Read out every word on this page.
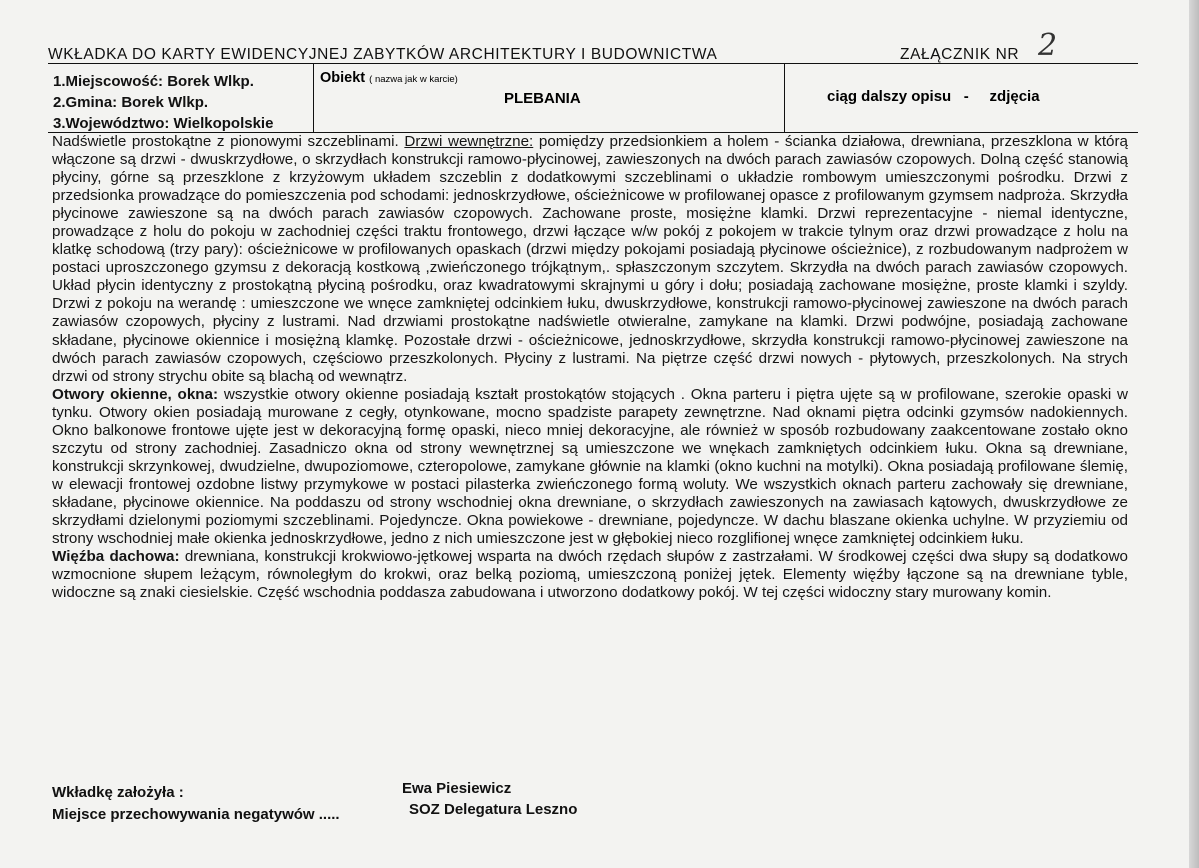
WKŁADKA DO KARTY EWIDENCYJNEJ ZABYTKÓW ARCHITEKTURY I BUDOWNICTWA	ZAŁĄCZNIK NR 2
1.Miejscowość: Borek Wlkp.
2.Gmina: Borek Wlkp.
3.Województwo: Wielkopolskie
Obiekt ( nazwa jak w karcie)
PLEBANIA	ciąg dalszy opisu   -     zdjęcia

Nadświetle prostokątne z pionowymi szczeblinami. Drzwi wewnętrzne: pomiędzy przedsionkiem a holem - ścianka działowa, drewniana, przeszklona w którą włączone są drzwi - dwuskrzydłowe, o skrzydłach konstrukcji ramowo-płycinowej, zawieszonych na dwóch parach zawiasów czopowych. Dolną część stanowią płyciny, górne są przeszklone z krzyżowym układem szczeblin z dodatkowymi szczeblinami o układzie rombowym umieszczonymi pośrodku. Drzwi z przedsionka prowadzące do pomieszczenia pod schodami: jednoskrzydłowe, ościeżnicowe w profilowanej opasce z profilowanym gzymsem nadproża. Skrzydła płycinowe zawieszone są na dwóch parach zawiasów czopowych. Zachowane proste, mosiężne klamki. Drzwi reprezentacyjne - niemal identyczne, prowadzące z holu do pokoju w zachodniej części traktu frontowego, drzwi łączące w/w pokój z pokojem w trakcie tylnym oraz drzwi prowadzące z holu na klatkę schodową (trzy pary): ościeżnicowe w profilowanych opaskach (drzwi między pokojami posiadają płycinowe ościeżnice), z rozbudowanym nadprożem w postaci uproszczonego gzymsu z dekoracją kostkową ,zwieńczonego trójkątnym,. spłaszczonym szczytem. Skrzydła na dwóch parach zawiasów czopowych. Układ płycin identyczny z prostokątną płyciną pośrodku, oraz kwadratowymi skrajnymi u góry i dołu; posiadają zachowane mosiężne, proste klamki i szyldy. Drzwi z pokoju na werandę : umieszczone we wnęce zamkniętej odcinkiem łuku, dwuskrzydłowe, konstrukcji ramowo-płycinowej zawieszone na dwóch parach zawiasów czopowych, płyciny z lustrami. Nad drzwiami prostokątne nadświetle otwieralne, zamykane na klamki. Drzwi podwójne, posiadają zachowane składane, płycinowe okiennice i mosiężną klamkę. Pozostałe drzwi - ościeżnicowe, jednoskrzydłowe, skrzydła konstrukcji ramowo-płycinowej zawieszone na dwóch parach zawiasów czopowych, częściowo przeszkolonych. Płyciny z lustrami. Na piętrze część drzwi nowych - płytowych, przeszkolonych. Na strych drzwi od strony strychu obite są blachą od wewnątrz.

Otwory okienne, okna: wszystkie otwory okienne posiadają kształt prostokątów stojących . Okna parteru i piętra ujęte są w profilowane, szerokie opaski w tynku. Otwory okien posiadają murowane z cegły, otynkowane, mocno spadziste parapety zewnętrzne. Nad oknami piętra odcinki gzymsów nadokiennych. Okno balkonowe frontowe ujęte jest w dekoracyjną formę opaski, nieco mniej dekoracyjne, ale również w sposób rozbudowany zaakcentowane zostało okno szczytu od strony zachodniej. Zasadniczo okna od strony wewnętrznej są umieszczone we wnękach zamkniętych odcinkiem łuku. Okna są drewniane, konstrukcji skrzynkowej, dwudzielne, dwupoziomowe, czteropolowe, zamykane głównie na klamki (okno kuchni na motylki). Okna posiadają profilowane ślemię, w elewacji frontowej ozdobne listwy przymykowe w postaci pilasterka zwieńczonego formą woluty. We wszystkich oknach parteru zachowały się drewniane, składane, płycinowe okiennice. Na poddaszu od strony wschodniej okna drewniane, o skrzydłach zawieszonych na zawiasach kątowych, dwuskrzydłowe ze skrzydłami dzielonymi poziomymi szczeblinami. Pojedyncze. Okna powiekowe - drewniane, pojedyncze. W dachu blaszane okienka uchylne. W przyziemiu od strony wschodniej małe okienka jednoskrzydłowe, jedno z nich umieszczone jest w głębokiej nieco rozglifionej wnęce zamkniętej odcinkiem łuku.

Więźba dachowa: drewniana, konstrukcji krokwiowo-jętkowej wsparta na dwóch rzędach słupów z zastrzałami. W środkowej części dwa słupy są dodatkowo wzmocnione słupem leżącym, równoległym do krokwi, oraz belką poziomą, umieszczoną poniżej jętek. Elementy więźby łączone są na drewniane tyble, widoczne są znaki ciesielskie. Część wschodnia poddasza zabudowana i utworzono dodatkowy pokój. W tej części widoczny stary murowany komin.

Wkładkę założyła :	Ewa Piesiewicz
Miejsce przechowywania negatywów .....	SOZ Delegatura Leszno
